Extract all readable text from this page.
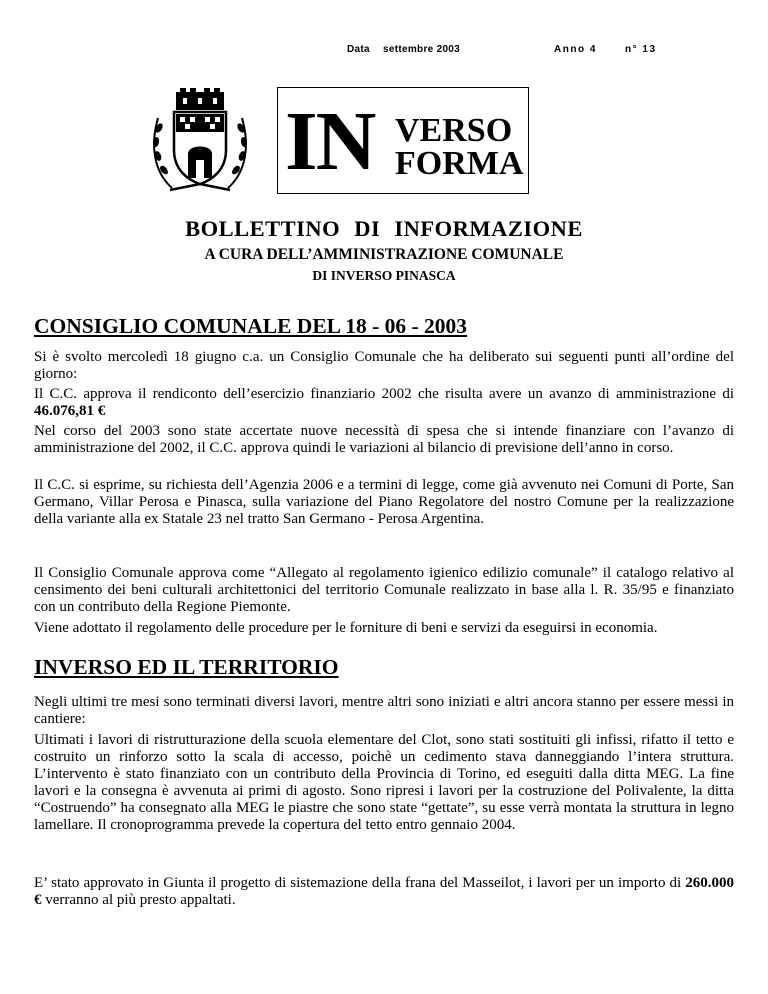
Data settembre 2003	Anno 4	n° 13
IN VERSO
FORMA
BOLLETTINO DI INFORMAZIONE
A CURA DELL’AMMINISTRAZIONE COMUNALE
DI INVERSO PINASCA
CONSIGLIO COMUNALE DEL 18 - 06 - 2003
Si è svolto mercoledì 18 giugno c.a. un Consiglio Comunale che ha deliberato sui seguenti punti all’ordine del giorno:
Il C.C. approva il rendiconto dell’esercizio finanziario 2002 che risulta avere un avanzo di amministrazione di 46.076,81 €
Nel corso del 2003 sono state accertate nuove necessità di spesa che si intende finanziare con l’avanzo di amministrazione del 2002, il C.C. approva quindi le variazioni al bilancio di previsione dell’anno in corso.
Il C.C. si esprime, su richiesta dell’Agenzia 2006 e a termini di legge, come già avvenuto nei Comuni di Porte, San Germano, Villar Perosa e Pinasca, sulla variazione del Piano Regolatore del nostro Comune per la realizzazione della variante alla ex Statale 23 nel tratto San Germano - Perosa Argentina.
Il Consiglio Comunale approva come “Allegato al regolamento igienico edilizio comunale” il catalogo relativo al censimento dei beni culturali architettonici del territorio Comunale realizzato in base alla l. R. 35/95 e finanziato con un contributo della Regione Piemonte.
Viene adottato il regolamento delle procedure per le forniture di beni e servizi da eseguirsi in economia.
INVERSO ED IL TERRITORIO
Negli ultimi tre mesi sono terminati diversi lavori, mentre altri sono iniziati e altri ancora stanno per essere messi in cantiere:
Ultimati i lavori di ristrutturazione della scuola elementare del Clot, sono stati sostituiti gli infissi, rifatto il tetto e costruito un rinforzo sotto la scala di accesso, poichè un cedimento stava danneggiando l’intera struttura. L’intervento è stato finanziato con un contributo della Provincia di Torino, ed eseguiti dalla ditta MEG. La fine lavori e la consegna è avvenuta ai primi di agosto. Sono ripresi i lavori per la costruzione del Polivalente, la ditta “Costruendo” ha consegnato alla MEG le piastre che sono state “gettate”, su esse verrà montata la struttura in legno lamellare. Il cronoprogramma prevede la copertura del tetto entro gennaio 2004.
E’ stato approvato in Giunta il progetto di sistemazione della frana del Masseilot, i lavori per un importo di 260.000 € verranno al più presto appaltati.
